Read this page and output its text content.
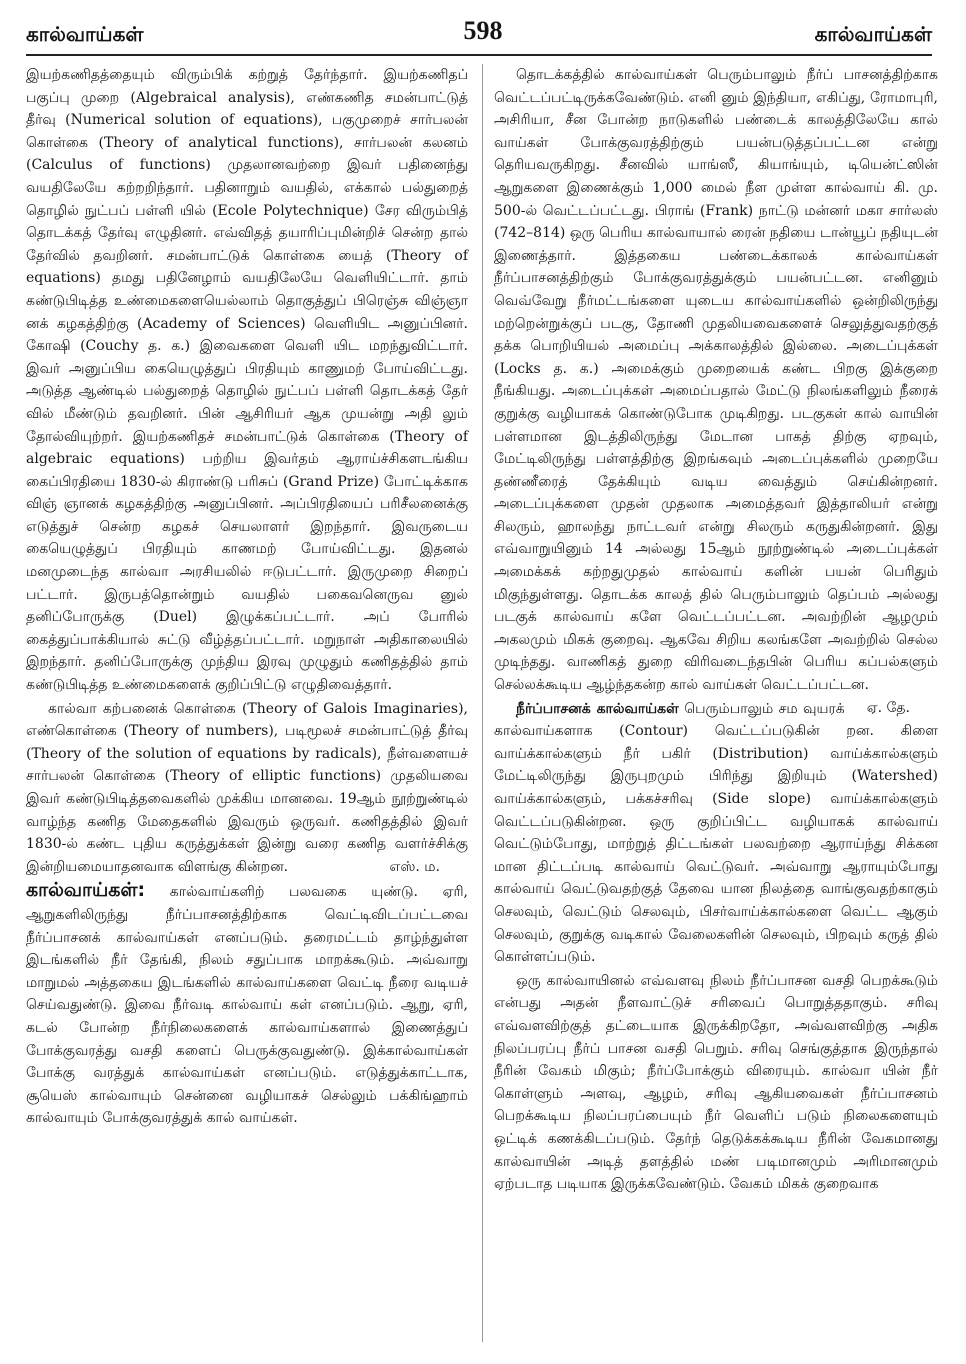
கால்வாய்கள்	598	கால்வாய்கள்

இயற்கணிதத்தையும் விரும்பிக் கற்றுத் தேர்ந்தார். இயற்கணிதப் பகுப்பு முறை (Algebraical analysis), எண்கணித சமன்பாட்டுத் தீர்வு (Numerical solution of equations), பகுமுறைச் சார்பலன் கொள்கை (Theory of analytical functions), சார்பலன் கலனம் (Calculus of functions) முதலானவற்றை இவர் பதினைந்து வயதிலேயே கற்றறிந்தார். பதினாறும் வயதில், எக்கால் பல்துறைத் தொழில் நுட்பப் பள்ளி யில் (Ecole Polytechnique) சேர விரும்பித் தொடக்கத் தேர்வு எழுதினர். எவ்விதத் தயாரிப்புமின்றிச் சென்ற தால் தேர்வில் தவறினர். சமன்பாட்டுக் கொள்கை யைத் (Theory of equations) தமது பதினேழாம் வயதிலேயே வெளியிட்டார். தாம் கண்டுபிடித்த உண்மைகளையெல்லாம் தொகுத்துப் பிரெஞ்சு விஞ்ஞா னக் கழகத்திற்கு (Academy of Sciences) வெளியிட அனுப்பினர். கோஷி (Couchy த. க.) இவைகளை வெளி யிட மறந்துவிட்டார். இவர் அனுப்பிய கையெழுத்துப் பிரதியும் காணுமற் போய்விட்டது. அடுத்த ஆண்டில் பல்துறைத் தொழில் நுட்பப் பள்ளி தொடக்கத் தேர் வில் மீண்டும் தவறினர். பின் ஆசிரியர் ஆக முயன்று அதி லும் தோல்வியுற்றர். இயற்கணிதச் சமன்பாட்டுக் கொள்கை (Theory of algebraic equations) பற்றிய இவர்தம் ஆராய்ச்சிகளடங்கிய கைப்பிரதியை 1830-ல் கிராண்டு பரிசுப் (Grand Prize) போட்டிக்காக விஞ் ஞானக் கழகத்திற்கு அனுப்பினர். அப்பிரதியைப் பரிசீலனைக்கு எடுத்துச் சென்ற கழகச் செயலாளர் இறந்தார். இவருடைய கையெழுத்துப் பிரதியும் காணமற் போய்விட்டது. இதனல் மனமுடைந்த கால்வா அரசியலில் ஈடுபட்டார். இருமுறை சிறைப் பட்டார். இருபத்தொன்றும் வயதில் பகைவனெருவ னுல் தனிப்போருக்கு (Duel) இழுக்கப்பட்டார். அப் போரில் கைத்துப்பாக்கியால் சுட்டு வீழ்த்தப்பட்டார். மறுநாள் அதிகாலையில் இறந்தார். தனிப்போருக்கு முந்திய இரவு முழுதும் கணிதத்தில் தாம் கண்டுபிடித்த உண்மைகளைக் குறிப்பிட்டு எழுதிவைத்தார்.

கால்வா கற்பனைக் கொள்கை (Theory of Galois Imaginaries), எண்கொள்கை (Theory of numbers), படிமூலச் சமன்பாட்டுத் தீர்வு (Theory of the solution of equations by radicals), நீள்வளையச் சார்பலன் கொள்கை (Theory of elliptic functions) முதலியவை இவர் கண்டுபிடித்தவைகளில் முக்கிய மானவை. 19ஆம் நூற்றுண்டில் வாழ்ந்த கணித மேதைகளில் இவரும் ஒருவர். கணிதத்தில் இவர் 1830-ல் கண்ட புதிய கருத்துக்கள் இன்று வரை கணித வளர்ச்சிக்கு இன்றியமையாதனவாக விளங்கு கின்றன.	எஸ். ம.

கால்வாய்கள்: கால்வாய்களிற் பலவகை யுண்டு. ஏரி, ஆறுகளிலிருந்து நீர்ப்பாசனத்திற்காக வெட்டிவிடப்பட்டவை நீர்ப்பாசனக் கால்வாய்கள் எனப்படும். தரைமட்டம் தாழ்ந்துள்ள இடங்களில் நீர் தேங்கி, நிலம் சதுப்பாக மாறக்கூடும். அவ்வாறு மாறுமல் அத்தகைய இடங்களில் கால்வாய்களை வெட்டி நீரை வடியச் செய்வதுண்டு. இவை நீர்வடி கால்வாய் கள் எனப்படும். ஆறு, ஏரி, கடல் போன்ற நீர்நிலைகளைக் கால்வாய்களால் இணைத்துப் போக்குவரத்து வசதி களைப் பெருக்குவதுண்டு. இக்கால்வாய்கள் போக்கு வரத்துக் கால்வாய்கள் எனப்படும். எடுத்துக்காட்டாக, சூயெஸ் கால்வாயும் சென்னை வழியாகச் செல்லும் பக்கிங்ஹாம் கால்வாயும் போக்குவரத்துக் கால் வாய்கள்.

தொடக்கத்தில் கால்வாய்கள் பெரும்பாலும் நீர்ப் பாசனத்திற்காக வெட்டப்பட்டிருக்கவேண்டும். எனி னும் இந்தியா, எகிப்து, ரோமாபுரி, அசிரியா, சீன போன்ற நாடுகளில் பண்டைக் காலத்திலேயே கால் வாய்கள் போக்குவரத்திற்கும் பயன்படுத்தப்பட்டன என்று தெரியவருகிறது. சீனவில் யாங்ஸீ, கியாங்யும், டியென்ட்ஸின் ஆறுகளை இணைக்கும் 1,000 மைல் நீள முள்ள கால்வாய் கி. மு. 500-ல் வெட்டப்பட்டது. பிராங் (Frank) நாட்டு மன்னர் மகா சார்லஸ் (742–814) ஒரு பெரிய கால்வாயால் ரைன் நதியை டான்யூப் நதியுடன் இணைத்தார். இத்தகைய பண்டைக்காலக் கால்வாய்கள் நீர்ப்பாசனத்திற்கும் போக்குவரத்துக்கும் பயன்பட்டன. எனினும் வெவ்வேறு நீர்மட்டங்களை யுடைய கால்வாய்களில் ஒன்றிலிருந்து மற்றென்றுக்குப் படகு, தோணி முதலியவைகளைச் செலுத்துவதற்குத் தக்க பொறியியல் அமைப்பு அக்காலத்தில் இல்லை. அடைப்புக்கள் (Locks த. க.) அமைக்கும் முறையைக் கண்ட பிறகு இக்குறை நீங்கியது. அடைப்புக்கள் அமைப்பதால் மேட்டு நிலங்களிலும் நீரைக் குறுக்கு வழியாகக் கொண்டுபோக முடிகிறது. படகுகள் கால் வாயின் பள்ளமான இடத்திலிருந்து மேடான பாகத் திற்கு ஏறவும், மேட்டிலிருந்து பள்ளத்திற்கு இறங்கவும் அடைப்புக்களில் முறையே தண்ணீரைத் தேக்கியும் வடிய வைத்தும் செய்கின்றனர். அடைப்புக்களை முதன் முதலாக அமைத்தவர் இத்தாலியர் என்று சிலரும், ஹாலந்து நாட்டவர் என்று சிலரும் கருதுகின்றனர். இது எவ்வாறுயினும் 14 அல்லது 15ஆம் நூற்றுண்டில் அடைப்புக்கள் அமைக்கக் கற்றதுமுதல் கால்வாய் களின் பயன் பெரிதும் மிகுந்துள்ளது. தொடக்க காலத் தில் பெரும்பாலும் தெப்பம் அல்லது படகுக் கால்வாய் களே வெட்டப்பட்டன. அவற்றின் ஆழமும் அகலமும் மிகக் குறைவு. ஆகவே சிறிய கலங்களே அவற்றில் செல்ல முடிந்தது. வாணிகத் துறை விரிவடைந்தபின் பெரிய கப்பல்களும் செல்லக்கூடிய ஆழ்ந்தகன்ற கால் வாய்கள் வெட்டப்பட்டன.
ஏ. தே.

நீர்ப்பாசனக் கால்வாய்கள் பெரும்பாலும் சம வுயரக் கால்வாய்களாக (Contour) வெட்டப்படுகின் றன. கிளை வாய்க்கால்களும் நீர் பகிர் (Distribution) வாய்க்கால்களும் மேட்டிலிருந்து இருபுறமும் பிரிந்து இறியும் (Watershed) வாய்க்கால்களும், பக்கச்சரிவு (Side slope) வாய்க்கால்களும் வெட்டப்படுகின்றன. ஒரு குறிப்பிட்ட வழியாகக் கால்வாய் வெட்டும்போது, மாற்றுத் திட்டங்கள் பலவற்றை ஆராய்ந்து சிக்கன மான திட்டப்படி கால்வாய் வெட்டுவர். அவ்வாறு ஆராயும்போது கால்வாய் வெட்டுவதற்குத் தேவை யான நிலத்தை வாங்குவதற்காகும் செலவும், வெட்டும் செலவும், பிசர்வாய்க்கால்களை வெட்ட ஆகும் செலவும், குறுக்கு வடிகால் வேலைகளின் செலவும், பிறவும் கருத் தில் கொள்ளப்படும்.

ஒரு கால்வாயினல் எவ்வளவு நிலம் நீர்ப்பாசன வசதி பெறக்கூடும் என்பது அதன் நீளவாட்டுச் சரிவைப் பொறுத்ததாகும். சரிவு எவ்வளவிற்குத் தட்டையாக இருக்கிறதோ, அவ்வளவிற்கு அதிக நிலப்பரப்பு நீர்ப் பாசன வசதி பெறும். சரிவு செங்குத்தாக இருந்தால் நீரின் வேகம் மிகும்; நீர்ப்போக்கும் விரையும். கால்வா யின் நீர் கொள்ளும் அளவு, ஆழம், சரிவு ஆகியவைகள் நீர்ப்பாசனம் பெறக்கூடிய நிலப்பரப்பையும் நீர் வெளிப் படும் நிலைகளையும் ஒட்டிக் கணக்கிடப்படும். தேர்ந் தெடுக்கக்கூடிய நீரின் வேகமானது கால்வாயின் அடித் தளத்தில் மண் படிமானமும் அரிமானமும் ஏற்படாத படியாக இருக்கவேண்டும். வேகம் மிகக் குறைவாக
